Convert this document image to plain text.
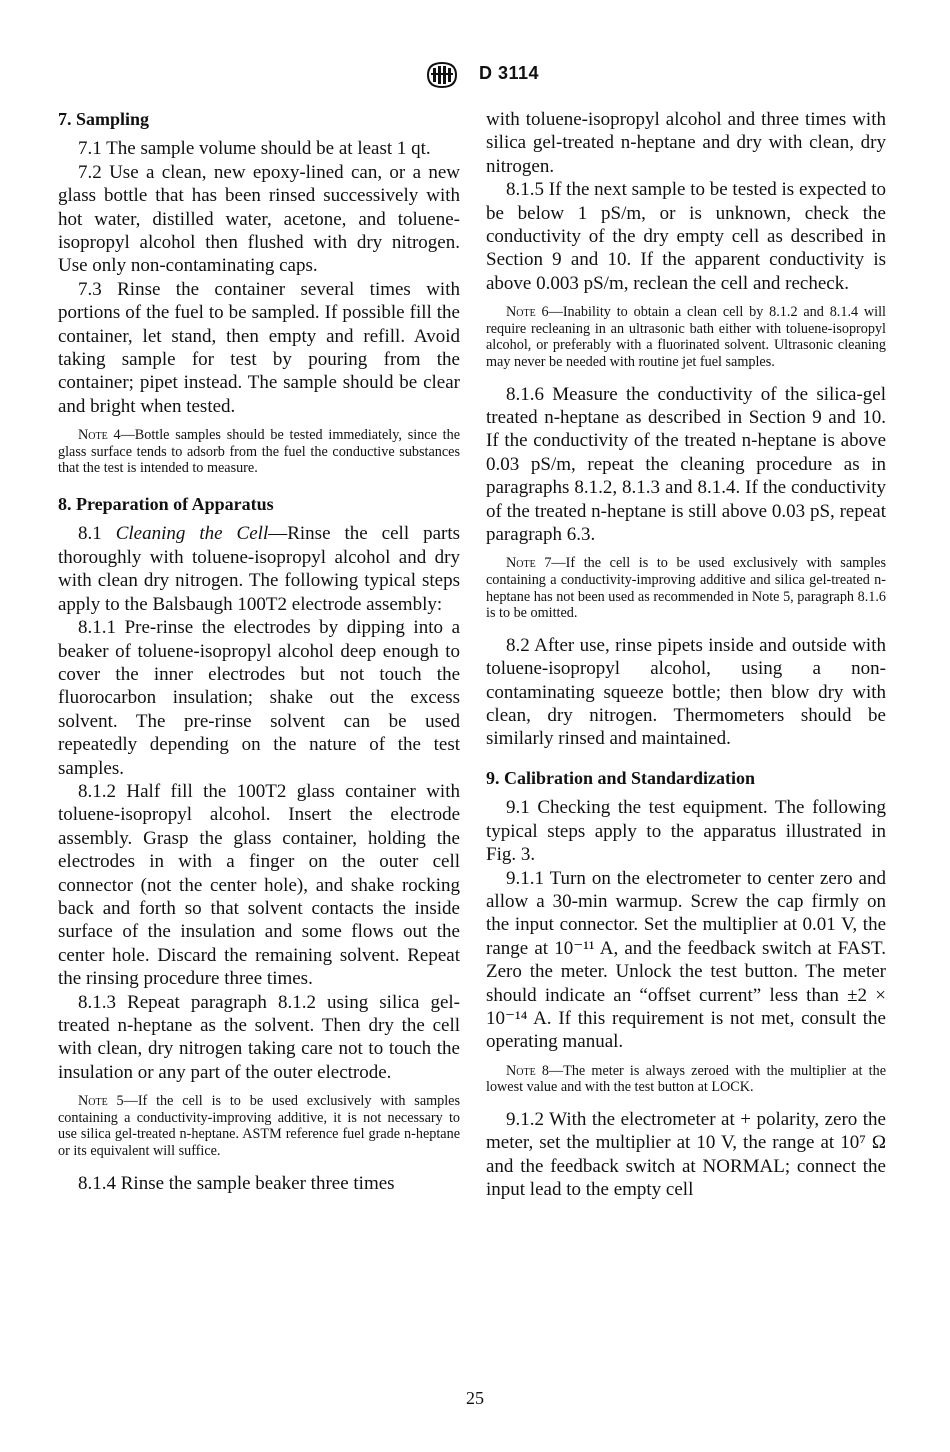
D 3114

7. Sampling

7.1 The sample volume should be at least 1 qt.

7.2 Use a clean, new epoxy-lined can, or a new glass bottle that has been rinsed successively with hot water, distilled water, acetone, and toluene-isopropyl alcohol then flushed with dry nitrogen. Use only non-contaminating caps.

7.3 Rinse the container several times with portions of the fuel to be sampled. If possible fill the container, let stand, then empty and refill. Avoid taking sample for test by pouring from the container; pipet instead. The sample should be clear and bright when tested.

Note 4—Bottle samples should be tested immediately, since the glass surface tends to adsorb from the fuel the conductive substances that the test is intended to measure.

8. Preparation of Apparatus

8.1 Cleaning the Cell—Rinse the cell parts thoroughly with toluene-isopropyl alcohol and dry with clean dry nitrogen. The following typical steps apply to the Balsbaugh 100T2 electrode assembly:

8.1.1 Pre-rinse the electrodes by dipping into a beaker of toluene-isopropyl alcohol deep enough to cover the inner electrodes but not touch the fluorocarbon insulation; shake out the excess solvent. The pre-rinse solvent can be used repeatedly depending on the nature of the test samples.

8.1.2 Half fill the 100T2 glass container with toluene-isopropyl alcohol. Insert the electrode assembly. Grasp the glass container, holding the electrodes in with a finger on the outer cell connector (not the center hole), and shake rocking back and forth so that solvent contacts the inside surface of the insulation and some flows out the center hole. Discard the remaining solvent. Repeat the rinsing procedure three times.

8.1.3 Repeat paragraph 8.1.2 using silica gel-treated n-heptane as the solvent. Then dry the cell with clean, dry nitrogen taking care not to touch the insulation or any part of the outer electrode.

Note 5—If the cell is to be used exclusively with samples containing a conductivity-improving additive, it is not necessary to use silica gel-treated n-heptane. ASTM reference fuel grade n-heptane or its equivalent will suffice.

8.1.4 Rinse the sample beaker three times

with toluene-isopropyl alcohol and three times with silica gel-treated n-heptane and dry with clean, dry nitrogen.

8.1.5 If the next sample to be tested is expected to be below 1 pS/m, or is unknown, check the conductivity of the dry empty cell as described in Section 9 and 10. If the apparent conductivity is above 0.003 pS/m, reclean the cell and recheck.

Note 6—Inability to obtain a clean cell by 8.1.2 and 8.1.4 will require recleaning in an ultrasonic bath either with toluene-isopropyl alcohol, or preferably with a fluorinated solvent. Ultrasonic cleaning may never be needed with routine jet fuel samples.

8.1.6 Measure the conductivity of the silica-gel treated n-heptane as described in Section 9 and 10. If the conductivity of the treated n-heptane is above 0.03 pS/m, repeat the cleaning procedure as in paragraphs 8.1.2, 8.1.3 and 8.1.4. If the conductivity of the treated n-heptane is still above 0.03 pS, repeat paragraph 6.3.

Note 7—If the cell is to be used exclusively with samples containing a conductivity-improving additive and silica gel-treated n-heptane has not been used as recommended in Note 5, paragraph 8.1.6 is to be omitted.

8.2 After use, rinse pipets inside and outside with toluene-isopropyl alcohol, using a non-contaminating squeeze bottle; then blow dry with clean, dry nitrogen. Thermometers should be similarly rinsed and maintained.

9. Calibration and Standardization

9.1 Checking the test equipment. The following typical steps apply to the apparatus illustrated in Fig. 3.

9.1.1 Turn on the electrometer to center zero and allow a 30-min warmup. Screw the cap firmly on the input connector. Set the multiplier at 0.01 V, the range at 10⁻¹¹ A, and the feedback switch at FAST. Zero the meter. Unlock the test button. The meter should indicate an “offset current” less than ±2 × 10⁻¹⁴ A. If this requirement is not met, consult the operating manual.

Note 8—The meter is always zeroed with the multiplier at the lowest value and with the test button at LOCK.

9.1.2 With the electrometer at + polarity, zero the meter, set the multiplier at 10 V, the range at 10⁷ Ω and the feedback switch at NORMAL; connect the input lead to the empty cell

25
